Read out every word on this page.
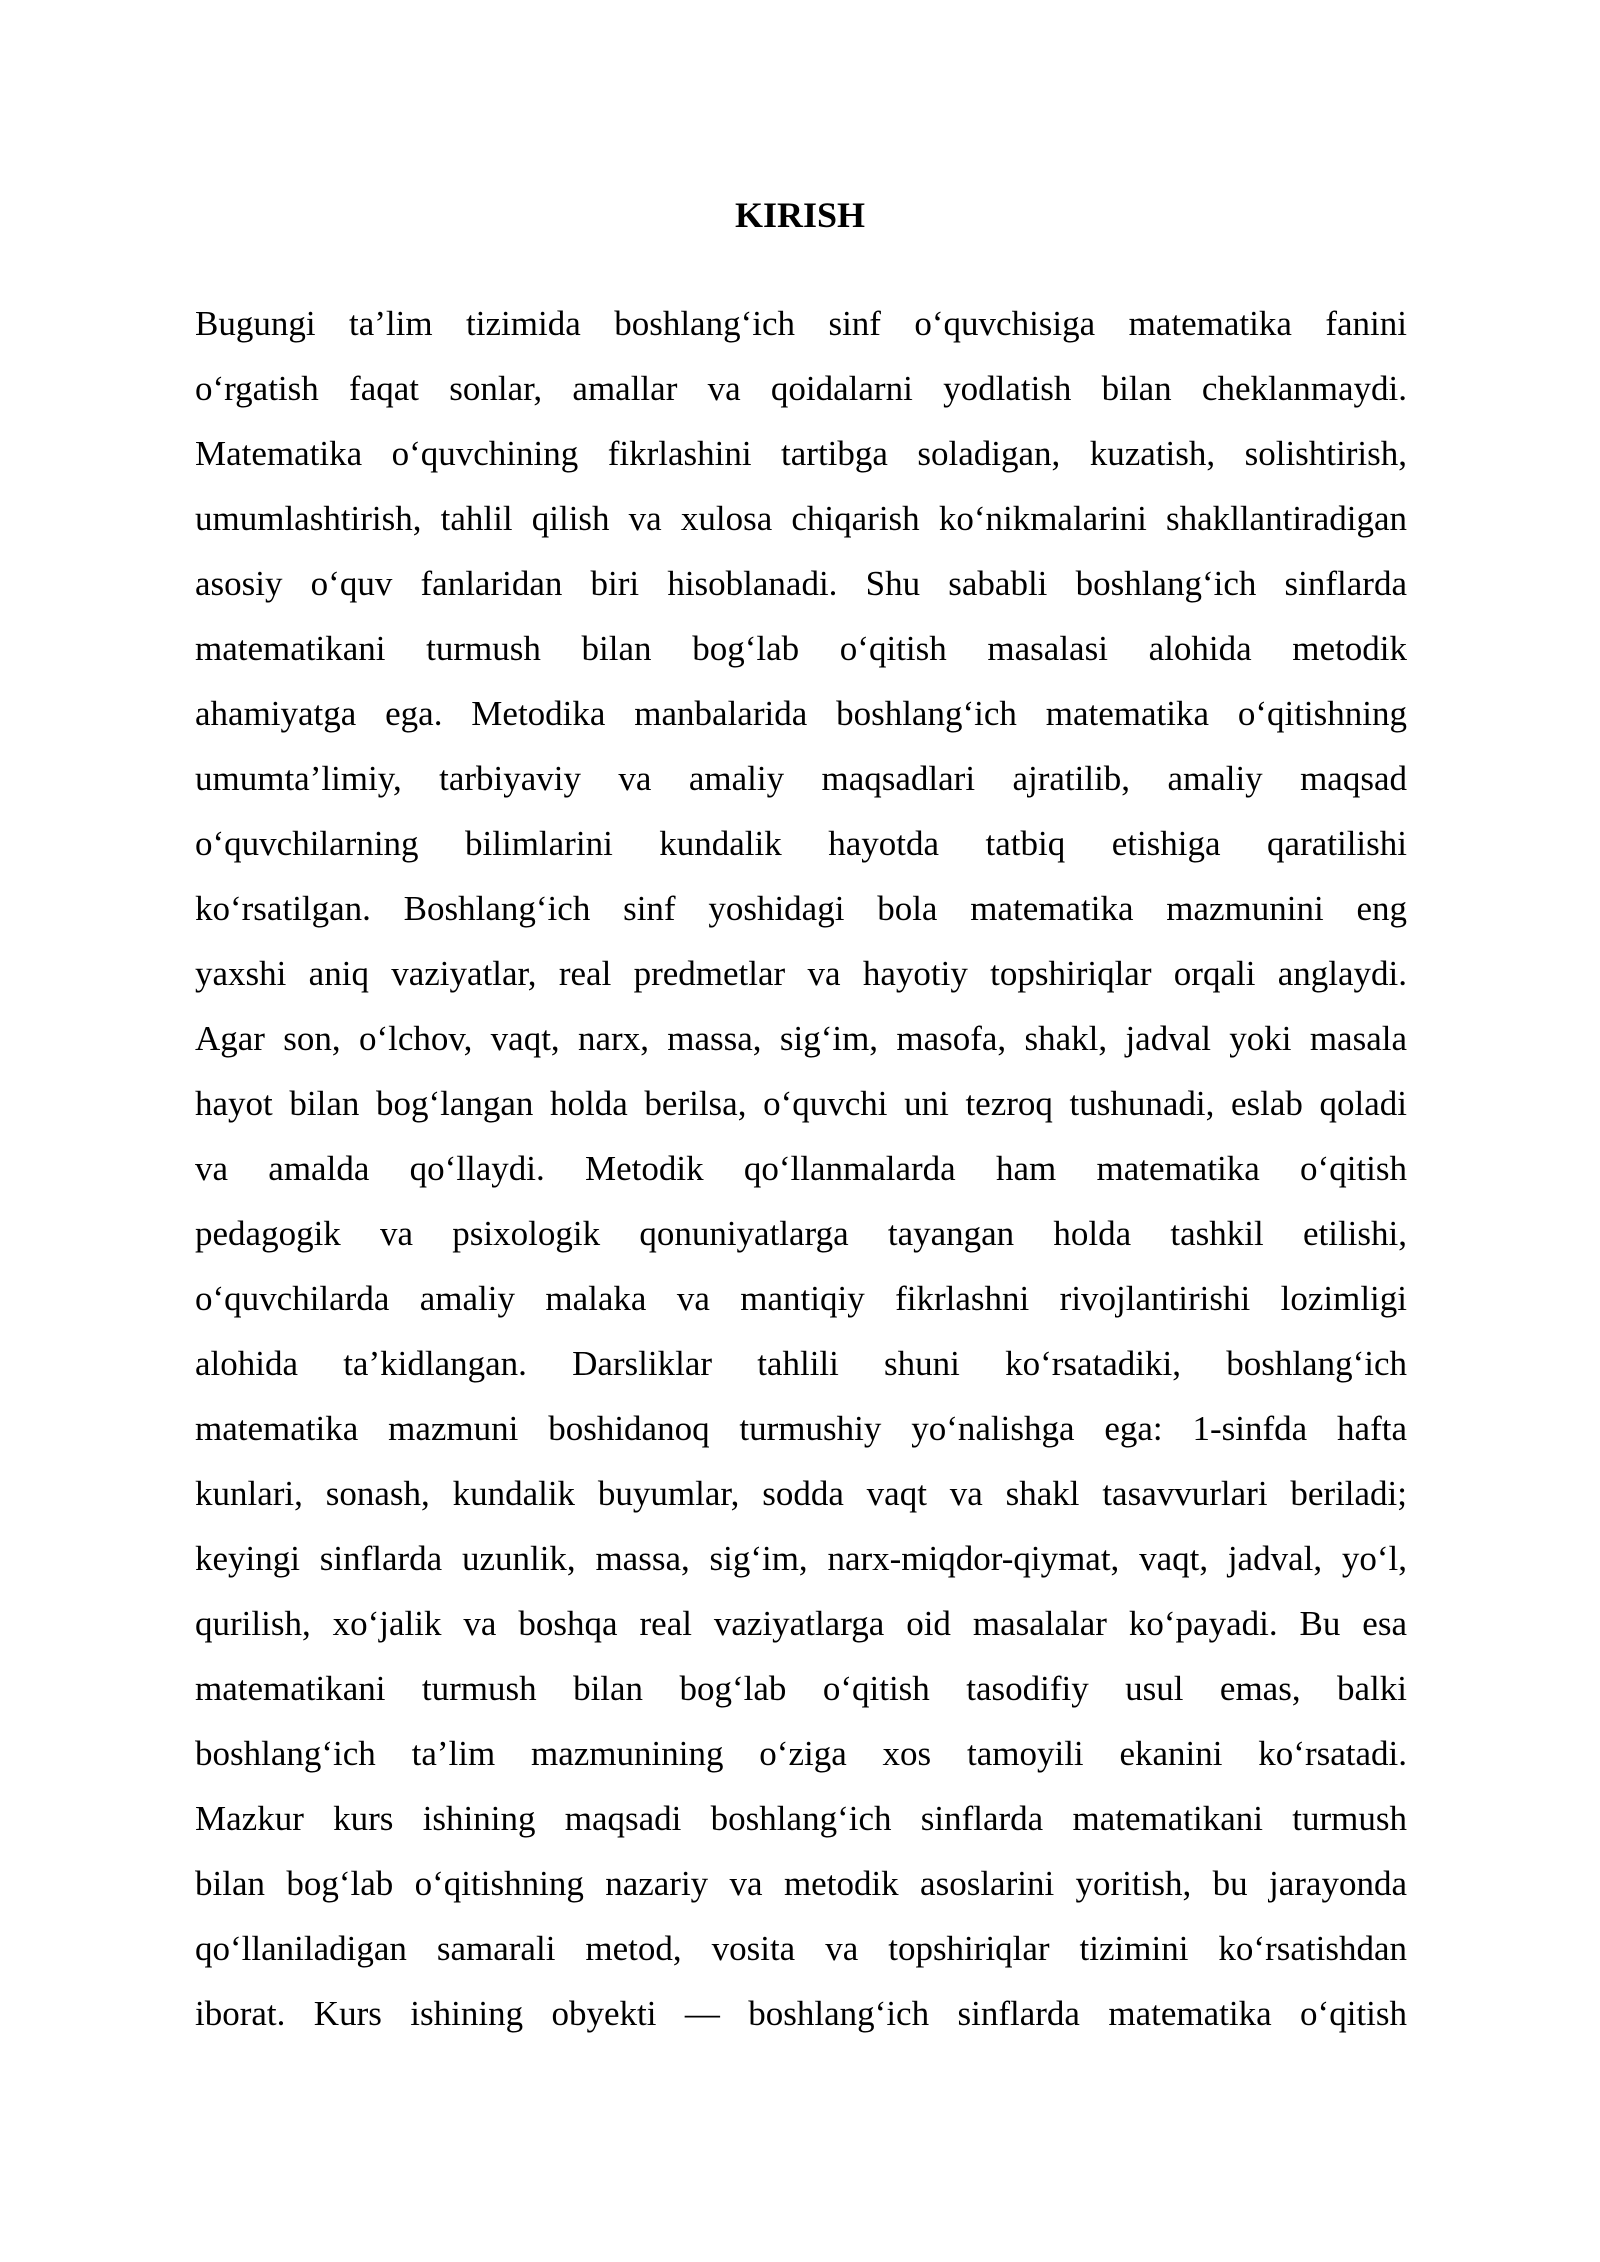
KIRISH
Bugungi ta’lim tizimida boshlang‘ich sinf o‘quvchisiga matematika fanini
o‘rgatish faqat sonlar, amallar va qoidalarni yodlatish bilan cheklanmaydi.
Matematika o‘quvchining fikrlashini tartibga soladigan, kuzatish, solishtirish,
umumlashtirish, tahlil qilish va xulosa chiqarish ko‘nikmalarini shakllantiradigan
asosiy o‘quv fanlaridan biri hisoblanadi. Shu sababli boshlang‘ich sinflarda
matematikani turmush bilan bog‘lab o‘qitish masalasi alohida metodik
ahamiyatga ega. Metodika manbalarida boshlang‘ich matematika o‘qitishning
umumta’limiy, tarbiyaviy va amaliy maqsadlari ajratilib, amaliy maqsad
o‘quvchilarning bilimlarini kundalik hayotda tatbiq etishiga qaratilishi
ko‘rsatilgan. Boshlang‘ich sinf yoshidagi bola matematika mazmunini eng
yaxshi aniq vaziyatlar, real predmetlar va hayotiy topshiriqlar orqali anglaydi.
Agar son, o‘lchov, vaqt, narx, massa, sig‘im, masofa, shakl, jadval yoki masala
hayot bilan bog‘langan holda berilsa, o‘quvchi uni tezroq tushunadi, eslab qoladi
va amalda qo‘llaydi. Metodik qo‘llanmalarda ham matematika o‘qitish
pedagogik va psixologik qonuniyatlarga tayangan holda tashkil etilishi,
o‘quvchilarda amaliy malaka va mantiqiy fikrlashni rivojlantirishi lozimligi
alohida ta’kidlangan. Darsliklar tahlili shuni ko‘rsatadiki, boshlang‘ich
matematika mazmuni boshidanoq turmushiy yo‘nalishga ega: 1-sinfda hafta
kunlari, sonash, kundalik buyumlar, sodda vaqt va shakl tasavvurlari beriladi;
keyingi sinflarda uzunlik, massa, sig‘im, narx-miqdor-qiymat, vaqt, jadval, yo‘l,
qurilish, xo‘jalik va boshqa real vaziyatlarga oid masalalar ko‘payadi. Bu esa
matematikani turmush bilan bog‘lab o‘qitish tasodifiy usul emas, balki
boshlang‘ich ta’lim mazmunining o‘ziga xos tamoyili ekanini ko‘rsatadi.
Mazkur kurs ishining maqsadi boshlang‘ich sinflarda matematikani turmush
bilan bog‘lab o‘qitishning nazariy va metodik asoslarini yoritish, bu jarayonda
qo‘llaniladigan samarali metod, vosita va topshiriqlar tizimini ko‘rsatishdan
iborat. Kurs ishining obyekti — boshlang‘ich sinflarda matematika o‘qitish
